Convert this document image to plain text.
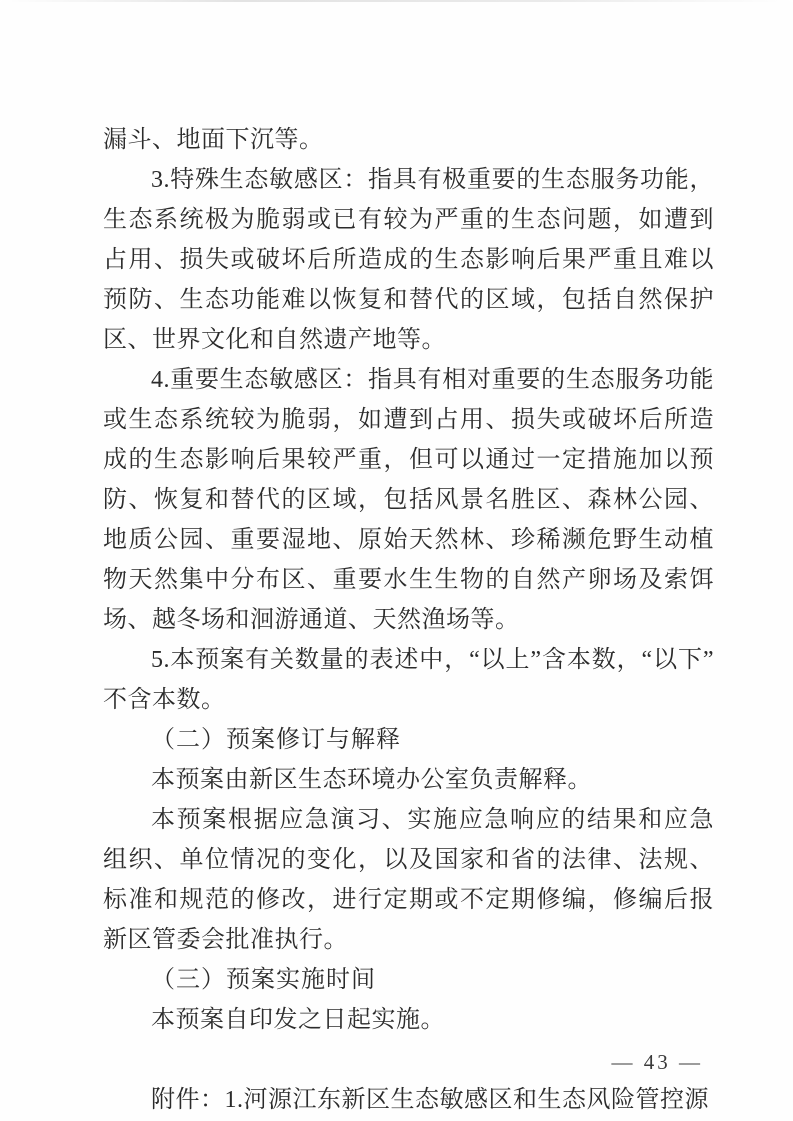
漏斗、地面下沉等。

3.特殊生态敏感区：指具有极重要的生态服务功能，生态系统极为脆弱或已有较为严重的生态问题，如遭到占用、损失或破坏后所造成的生态影响后果严重且难以预防、生态功能难以恢复和替代的区域，包括自然保护区、世界文化和自然遗产地等。

4.重要生态敏感区：指具有相对重要的生态服务功能或生态系统较为脆弱，如遭到占用、损失或破坏后所造成的生态影响后果较严重，但可以通过一定措施加以预防、恢复和替代的区域，包括风景名胜区、森林公园、地质公园、重要湿地、原始天然林、珍稀濒危野生动植物天然集中分布区、重要水生生物的自然产卵场及索饵场、越冬场和洄游通道、天然渔场等。

5.本预案有关数量的表述中，“以上”含本数，“以下”不含本数。

（二）预案修订与解释

本预案由新区生态环境办公室负责解释。

本预案根据应急演习、实施应急响应的结果和应急组织、单位情况的变化，以及国家和省的法律、法规、标准和规范的修改，进行定期或不定期修编，修编后报新区管委会批准执行。

（三）预案实施时间

本预案自印发之日起实施。

附件：1.河源江东新区生态敏感区和生态风险管控源

— 43 —
